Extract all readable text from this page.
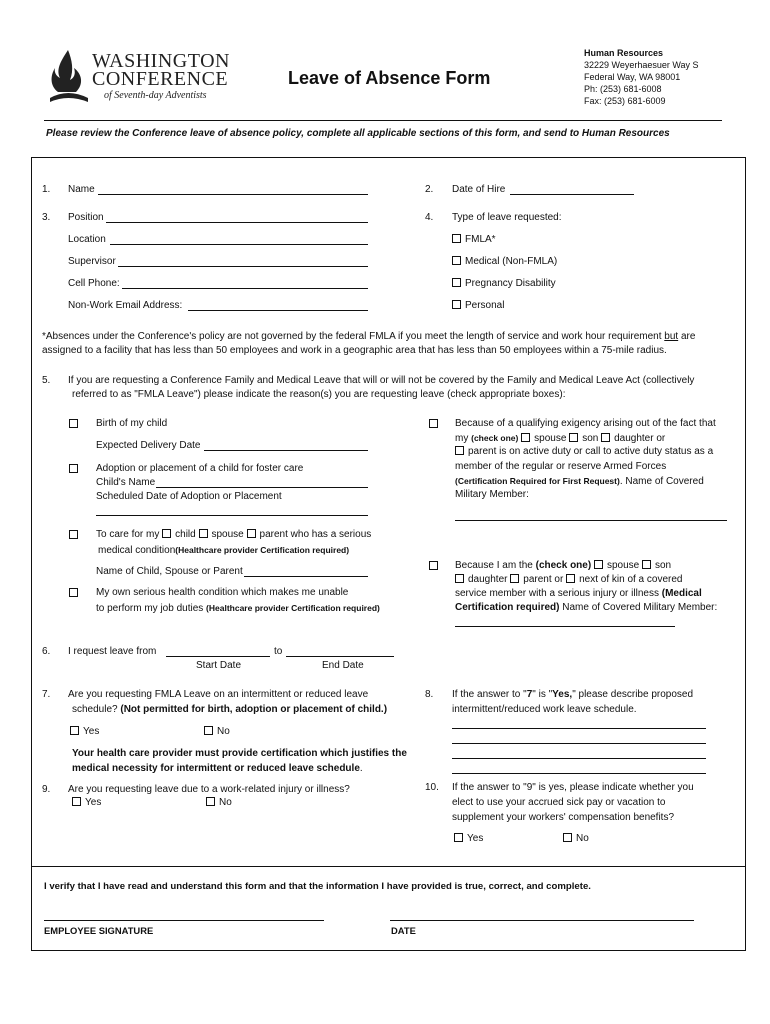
WASHINGTON
CONFERENCE
of Seventh-day Adventists
Leave of Absence Form
Human Resources
32229 Weyerhaesuer Way S
Federal Way, WA 98001
Ph: (253) 681-6008
Fax: (253) 681-6009
Please review the Conference leave of absence policy, complete all applicable sections of this form, and send to Human Resources
1. Name	2. Date of Hire
3. Position	4. Type of leave requested:
Location
Supervisor
Cell Phone:
Non-Work Email Address:
FMLA*
Medical (Non-FMLA)
Pregnancy Disability
Personal
*Absences under the Conference's policy are not governed by the federal FMLA if you meet the length of service and work hour requirement but are
assigned to a facility that has less than 50 employees and work in a geographic area that has less than 50 employees within a 75-mile radius.
5. If you are requesting a Conference Family and Medical Leave that will or will not be covered by the Family and Medical Leave Act (collectively
referred to as "FMLA Leave") please indicate the reason(s) you are requesting leave (check appropriate boxes):
Birth of my child
Expected Delivery Date
Adoption or placement of a child for foster care
Child's Name
Scheduled Date of Adoption or Placement
To care for my child spouse parent who has a serious
medical condition(Healthcare provider Certification required)
Name of Child, Spouse or Parent
My own serious health condition which makes me unable
to perform my job duties (Healthcare provider Certification required)
Because of a qualifying exigency arising out of the fact that
my (check one) spouse son daughter or
parent is on active duty or call to active duty status as a
member of the regular or reserve Armed Forces
(Certification Required for First Request). Name of Covered
Military Member:
Because I am the (check one) spouse son
daughter parent or next of kin of a covered
service member with a serious injury or illness (Medical
Certification required) Name of Covered Military Member:
6. I request leave from	to
Start Date	End Date
7. Are you requesting FMLA Leave on an intermittent or reduced leave
schedule? (Not permitted for birth, adoption or placement of child.)
Yes	No
Your health care provider must provide certification which justifies the
medical necessity for intermittent or reduced leave schedule.
8. If the answer to "7" is "Yes," please describe proposed
intermittent/reduced work leave schedule.
9. Are you requesting leave due to a work-related injury or illness?
Yes	No
10. If the answer to "9" is yes, please indicate whether you
elect to use your accrued sick pay or vacation to
supplement your workers' compensation benefits?
Yes	No
I verify that I have read and understand this form and that the information I have provided is true, correct, and complete.
EMPLOYEE SIGNATURE	DATE
